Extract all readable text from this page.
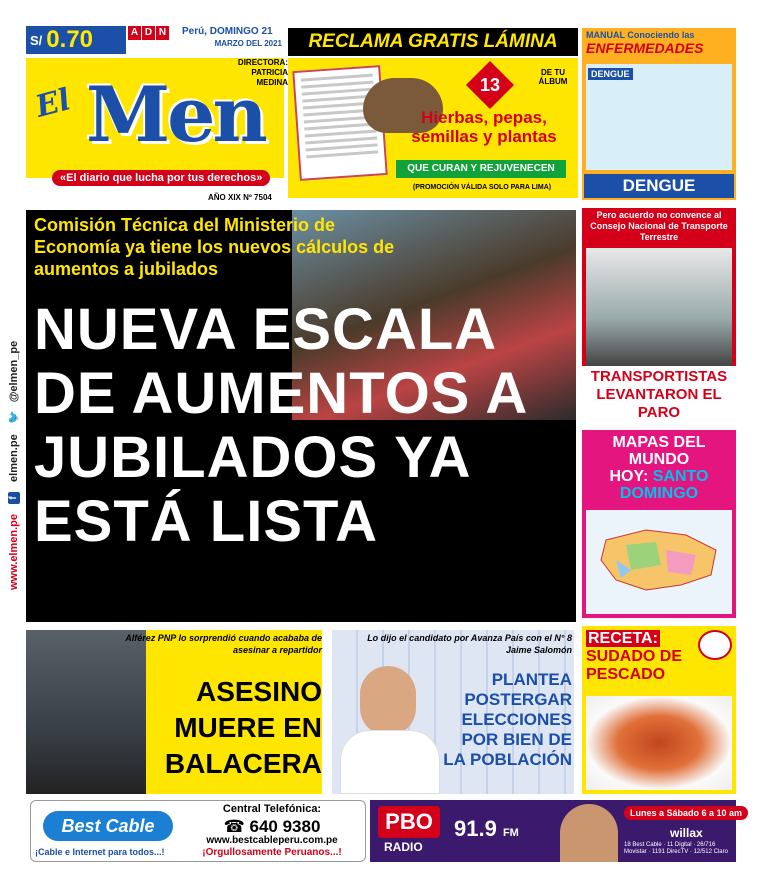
www.elmen.pe
f
elmen.pe
🐦
@elmen_pe
S/ 0.70	A D N Perú, DOMINGO 21
MARZO DEL 2021
El Men
«El diario que lucha por tus derechos»
AÑO XIX Nº 7504
DIRECTORA: PATRICIA MEDINA
RECLAMA GRATIS LÁMINA
13
DE TU ÁLBUM
Hierbas, pepas, semillas y plantas
QUE CURAN Y REJUVENECEN
(PROMOCIÓN VÁLIDA SOLO PARA LIMA)
MANUAL Conociendo las
ENFERMEDADES
DENGUE
DENGUE
Comisión Técnica del Ministerio de Economía ya tiene los nuevos cálculos de aumentos a jubilados
NUEVA ESCALA DE AUMENTOS A JUBILADOS YA ESTÁ LISTA
Pero acuerdo no convence al Consejo Nacional de Transporte Terrestre
TRANSPORTISTAS LEVANTARON EL PARO
MAPAS DEL MUNDO
HOY: SANTO DOMINGO
Alférez PNP lo sorprendió cuando acababa de asesinar a repartidor
ASESINO MUERE EN BALACERA
Lo dijo el candidato por Avanza País con el N° 8 Jaime Salomón
PLANTEA POSTERGAR ELECCIONES POR BIEN DE LA POBLACIÓN
RECETA:
SUDADO DE PESCADO
Best Cable
¡Cable e Internet para todos...!
Central Telefónica:
☎ 640 9380
www.bestcableperu.com.pe
¡Orgullosamente Peruanos...!
PBO
RADIO
91.9 FM
Lunes a Sábado 6 a 10 am
willax
18 Best Cable · 11 Digital · 26/716 Movistar · 1191 DirecTV · 12/512 Claro
